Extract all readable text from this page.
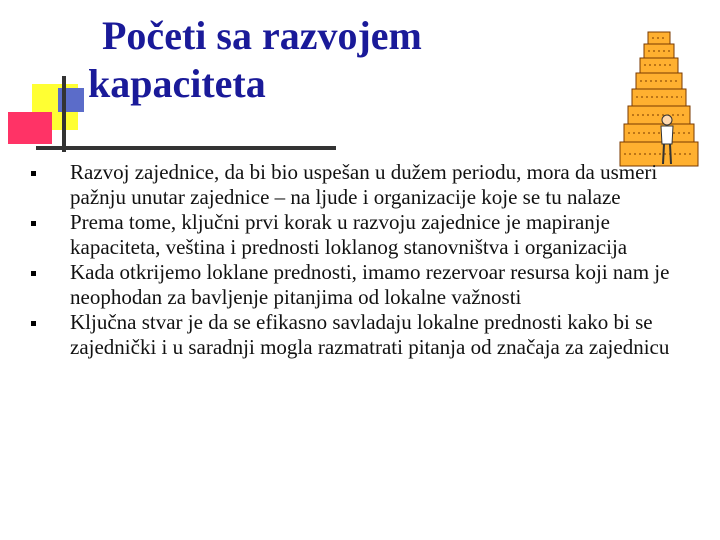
Početi sa razvojem
kapaciteta
Razvoj zajednice, da bi bio uspešan u dužem periodu, mora da usmeri pažnju unutar zajednice – na ljude i organizacije koje se tu nalaze
Prema tome, ključni prvi korak u razvoju zajednice je mapiranje kapaciteta, veština i prednosti loklanog stanovništva i organizacija
Kada otkrijemo loklane prednosti, imamo rezervoar resursa koji nam je neophodan za bavljenje pitanjima od lokalne važnosti
Ključna stvar je da se efikasno savladaju lokalne prednosti kako bi se zajednički i u saradnji mogla razmatrati pitanja od značaja za zajednicu
